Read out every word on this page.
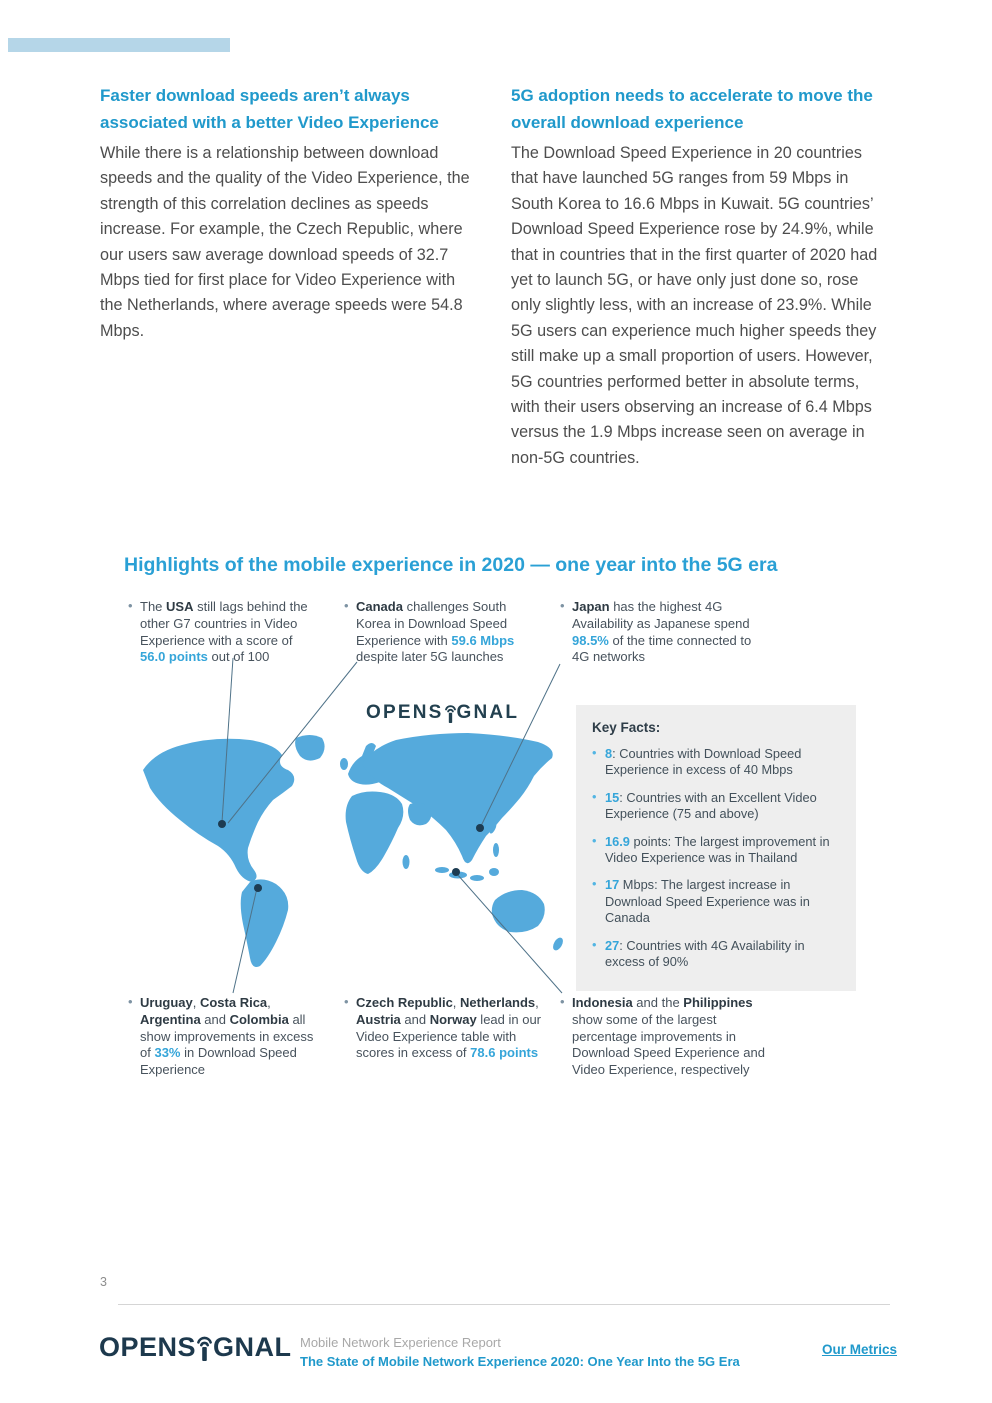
Faster download speeds aren’t always associated with a better Video Experience

While there is a relationship between download speeds and the quality of the Video Experience, the strength of this correlation declines as speeds increase. For example, the Czech Republic, where our users saw average download speeds of 32.7 Mbps tied for first place for Video Experience with the Netherlands, where average speeds were 54.8 Mbps.

5G adoption needs to accelerate to move the overall download experience

The Download Speed Experience in 20 countries that have launched 5G ranges from 59 Mbps in South Korea to 16.6 Mbps in Kuwait. 5G countries’ Download Speed Experience rose by 24.9%, while that in countries that in the first quarter of 2020 had yet to launch 5G, or have only just done so, rose only slightly less, with an increase of 23.9%. While 5G users can experience much higher speeds they still make up a small proportion of users. However, 5G countries performed better in absolute terms, with their users observing an increase of 6.4 Mbps versus the 1.9 Mbps increase seen on average in non-5G countries.

Highlights of the mobile experience in 2020 — one year into the 5G era
OPENS GNAL
• The USA still lags behind the other G7 countries in Video Experience with a score of 56.0 points out of 100
• Canada challenges South Korea in Download Speed Experience with 59.6 Mbps despite later 5G launches
• Japan has the highest 4G Availability as Japanese spend 98.5% of the time connected to 4G networks
Key Facts:
• 8: Countries with Download Speed Experience in excess of 40 Mbps
• 15: Countries with an Excellent Video Experience (75 and above)
• 16.9 points: The largest improvement in Video Experience was in Thailand
• 17 Mbps: The largest increase in Download Speed Experience was in Canada
• 27: Countries with 4G Availability in excess of 90%
• Uruguay, Costa Rica, Argentina and Colombia all show improvements in excess of 33% in Download Speed Experience
• Czech Republic, Netherlands, Austria and Norway lead in our Video Experience table with scores in excess of 78.6 points
• Indonesia and the Philippines show some of the largest percentage improvements in Download Speed Experience and Video Experience, respectively
3
OPENS GNAL Mobile Network Experience Report
The State of Mobile Network Experience 2020: One Year Into the 5G Era
Our Metrics
